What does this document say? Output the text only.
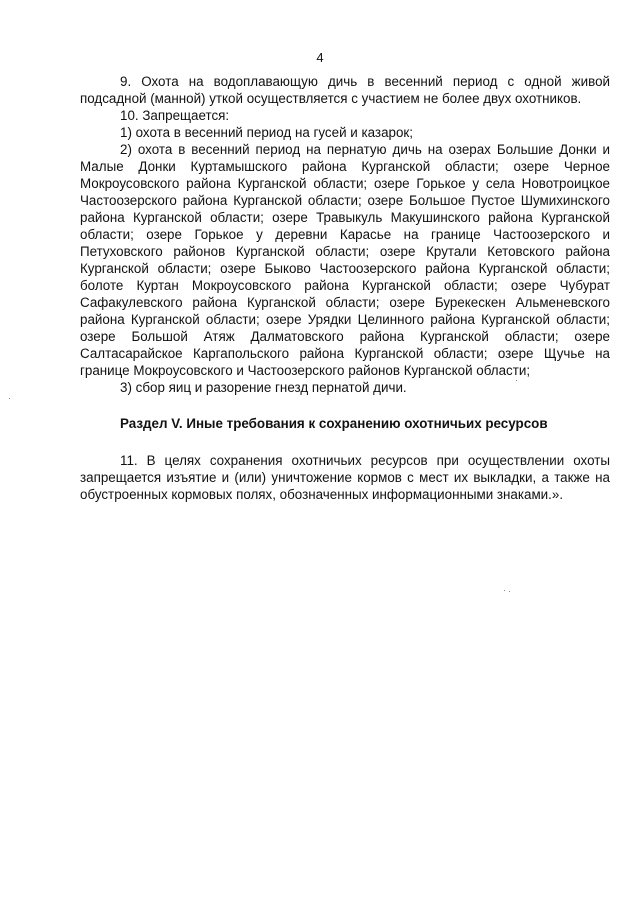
4

9. Охота на водоплавающую дичь в весенний период с одной живой подсадной (манной) уткой осуществляется с участием не более двух охотников.

10. Запрещается:

1) охота в весенний период на гусей и казарок;

2) охота в весенний период на пернатую дичь на озерах Большие Донки и Малые Донки Куртамышского района Курганской области; озере Черное Мокроусовского района Курганской области; озере Горькое у села Новотроицкое Частоозерского района Курганской области; озере Большое Пустое Шумихинского района Курганской области; озере Травыкуль Макушинского района Курганской области; озере Горькое у деревни Карасье на границе Частоозерского и Петуховского районов Курганской области; озере Крутали Кетовского района Курганской области; озере Быково Частоозерского района Курганской области; болоте Куртан Мокроусовского района Курганской области; озере Чубурат Сафакулевского района Курганской области; озере Бурекескен Альменевского района Курганской области; озере Урядки Целинного района Курганской области; озере Большой Атяж Далматовского района Курганской области; озере Салтасарайское Каргапольского района Курганской области; озере Щучье на границе Мокроусовского и Частоозерского районов Курганской области;

3) сбор яиц и разорение гнезд пернатой дичи.

Раздел V. Иные требования к сохранению охотничьих ресурсов

11. В целях сохранения охотничьих ресурсов при осуществлении охоты запрещается изъятие и (или) уничтожение кормов с мест их выкладки, а также на обустроенных кормовых полях, обозначенных информационными знаками.».
